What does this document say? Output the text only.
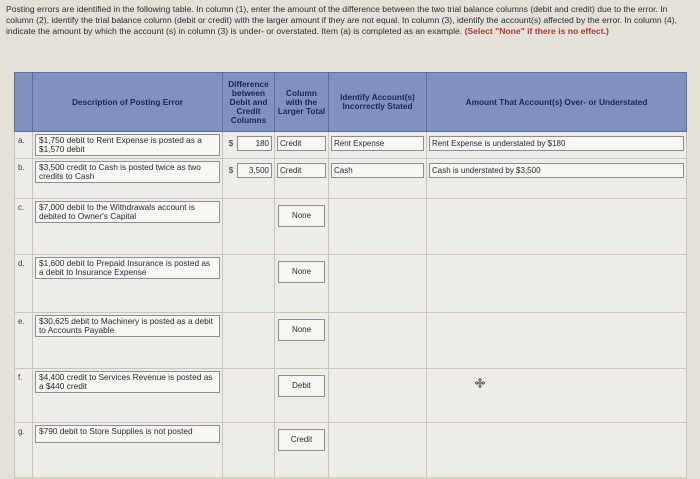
Posting errors are identified in the following table. In column (1), enter the amount of the difference between the two trial balance columns (debit and credit) due to the error. In column (2), identify the trial balance column (debit or credit) with the larger amount if they are not equal. In column (3), identify the account(s) affected by the error. In column (4), indicate the amount by which the account (s) in column (3) is under- or overstated. Item (a) is completed as an example. (Select "None" if there is no effect.)
	Description of Posting Error	Difference between Debit and Credit Columns	Column with the Larger Total	Identify Account(s) Incorrectly Stated	Amount That Account(s) Over- or Understated
a.	$1,750 debit to Rent Expense is posted as a $1,570 debit	$ 180	Credit	Rent Expense	Rent Expense is understated by $180

b.	$3,500 credit to Cash is posted twice as two credits to Cash	$ 3,500	Credit	Cash	Cash is understated by $3,500

c.	$7,000 debit to the Withdrawals account is debited to Owner's Capital		None		

d.	$1,600 debit to Prepaid Insurance is posted as a debit to Insurance Expense		None		

e.	$30,625 debit to Machinery is posted as a debit to Accounts Payable		None		

f.	$4,400 credit to Services Revenue is posted as a $440 credit		Debit

g.	$790 debit to Store Supplies is not posted		Credit		
